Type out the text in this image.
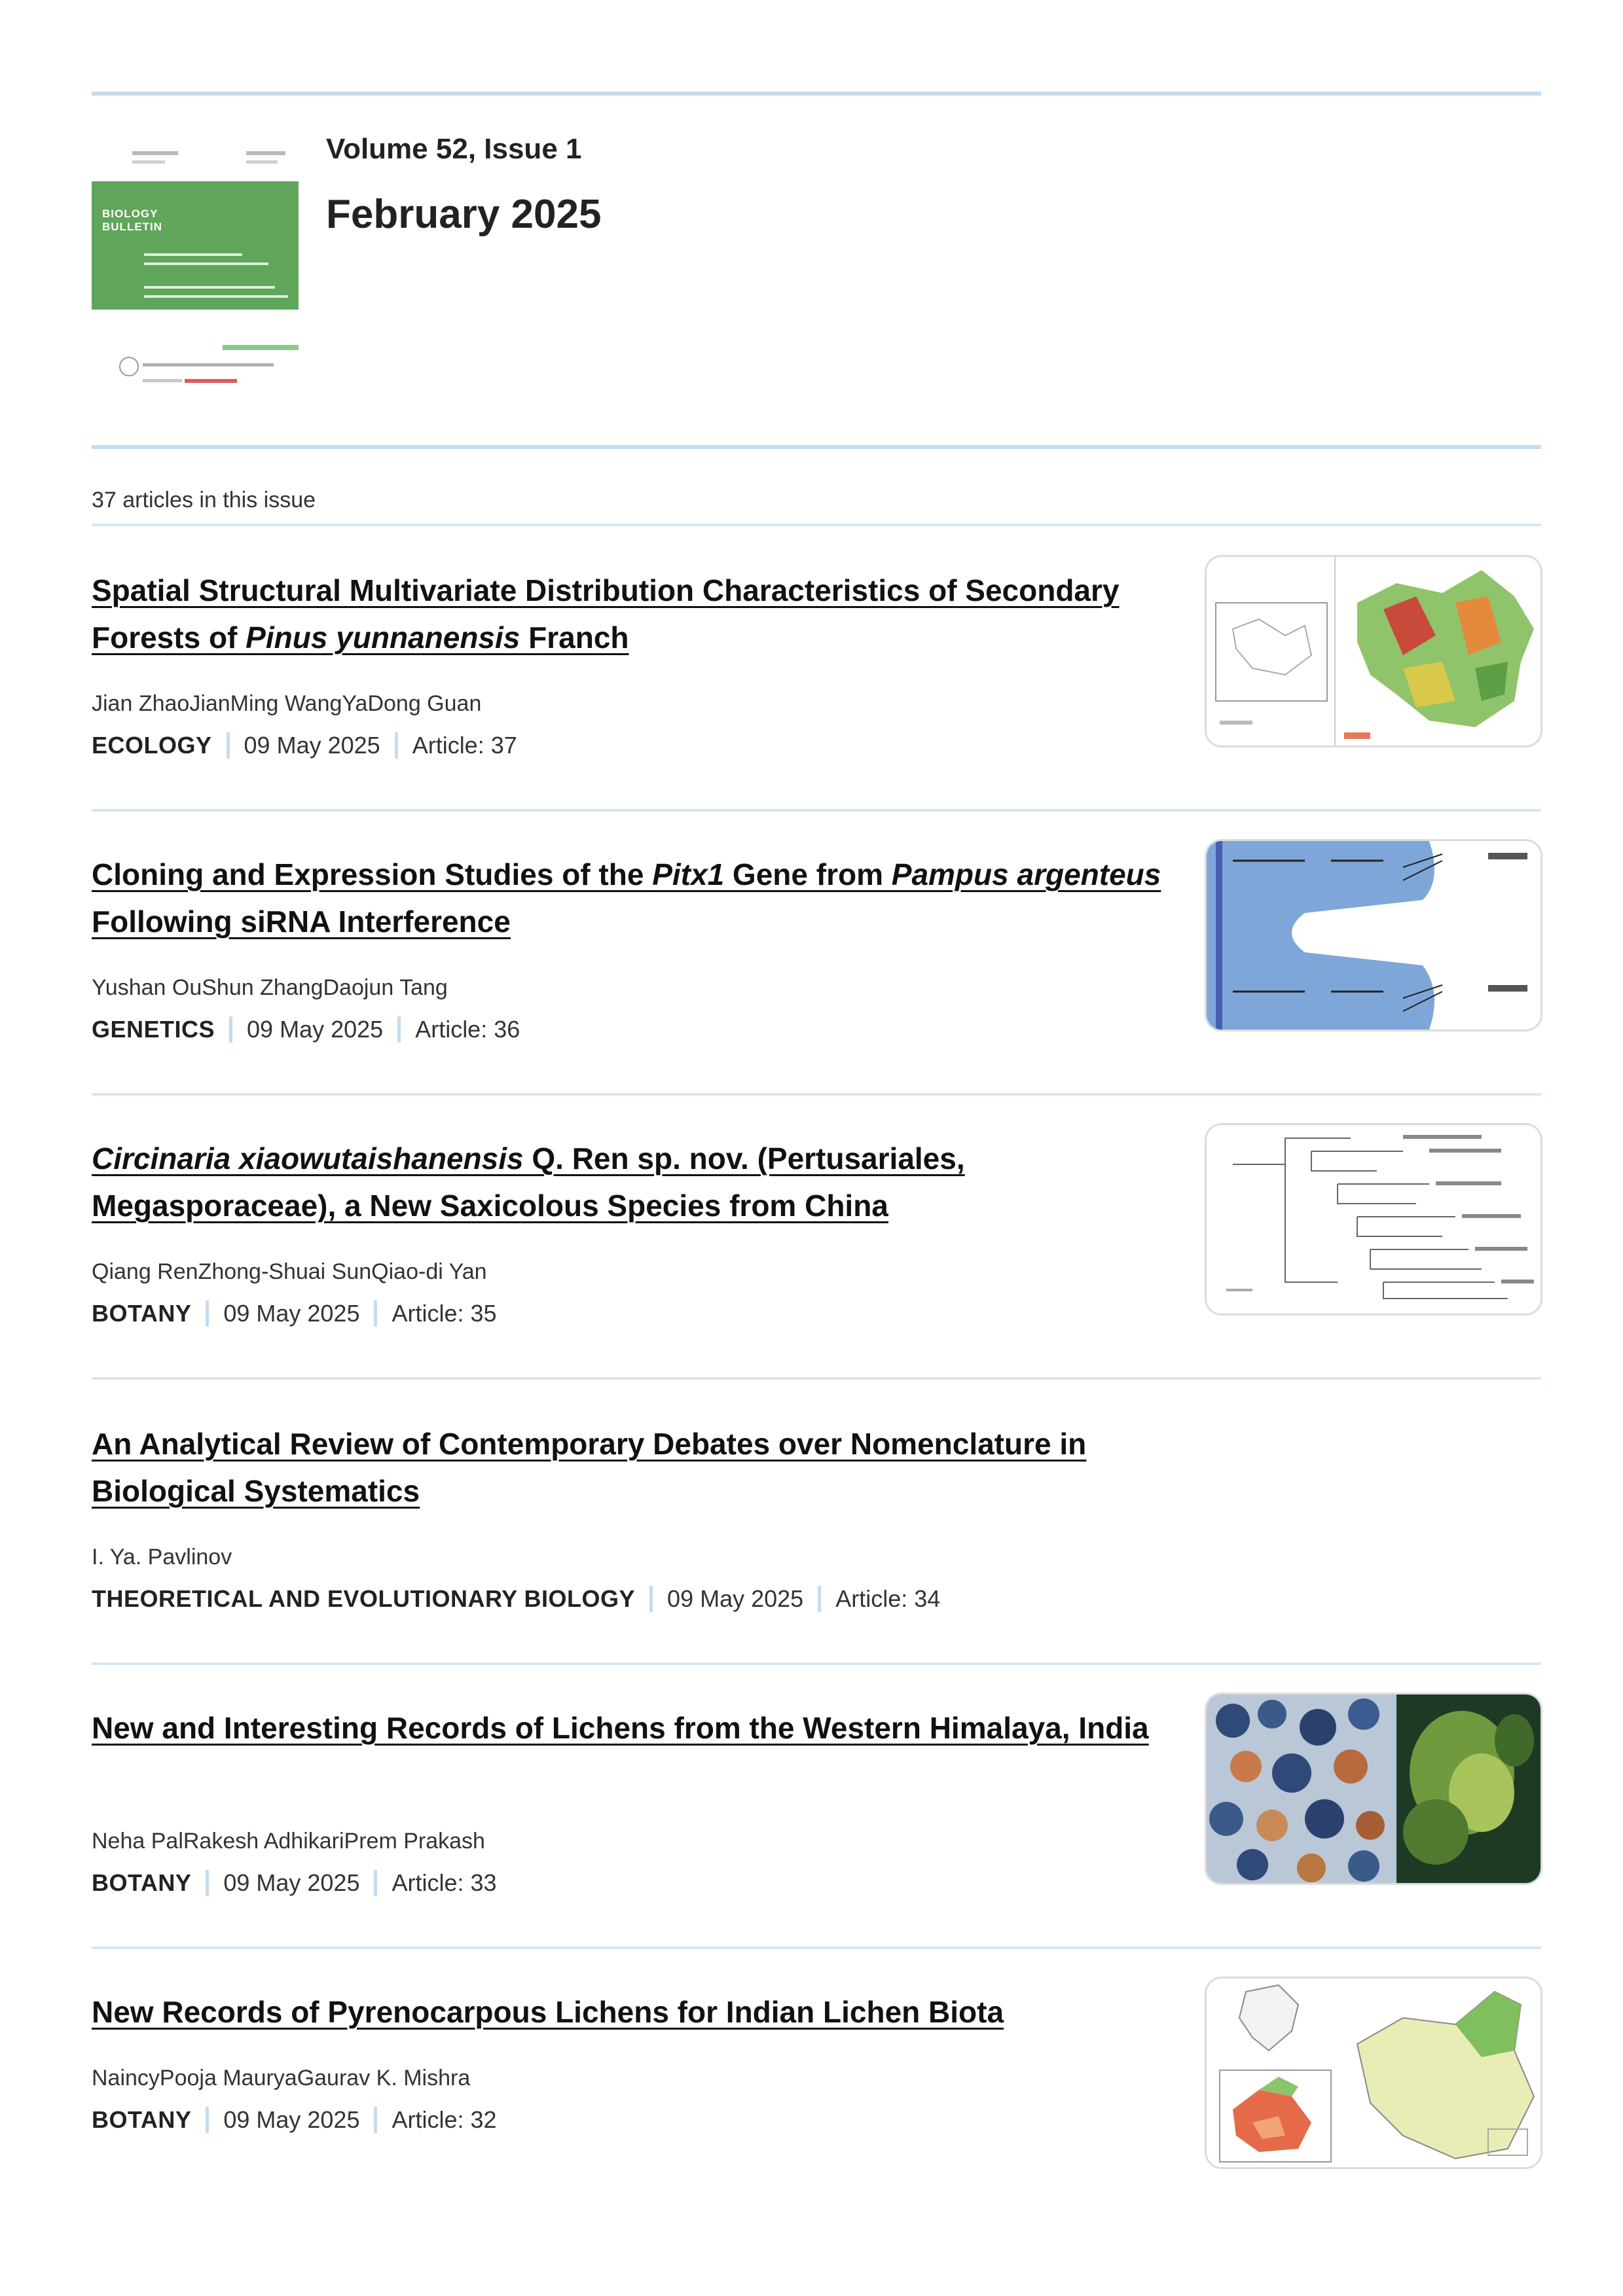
BIOLOGY
BULLETIN
Volume 52, Issue 1
February 2025
37 articles in this issue
Spatial Structural Multivariate Distribution Characteristics of Secondary Forests of Pinus yunnanensis Franch
Jian ZhaoJianMing WangYaDong Guan
ECOLOGY 09 May 2025 Article: 37
Cloning and Expression Studies of the Pitx1 Gene from Pampus argenteus Following siRNA Interference
Yushan OuShun ZhangDaojun Tang
GENETICS 09 May 2025 Article: 36
Circinaria xiaowutaishanensis Q. Ren sp. nov. (Pertusariales, Megasporaceae), a New Saxicolous Species from China
Qiang RenZhong-Shuai SunQiao-di Yan
BOTANY 09 May 2025 Article: 35
An Analytical Review of Contemporary Debates over Nomenclature in Biological Systematics
I. Ya. Pavlinov
THEORETICAL AND EVOLUTIONARY BIOLOGY 09 May 2025 Article: 34
New and Interesting Records of Lichens from the Western Himalaya, India
Neha PalRakesh AdhikariPrem Prakash
BOTANY 09 May 2025 Article: 33
New Records of Pyrenocarpous Lichens for Indian Lichen Biota
NaincyPooja MauryaGaurav K. Mishra
BOTANY 09 May 2025 Article: 32
